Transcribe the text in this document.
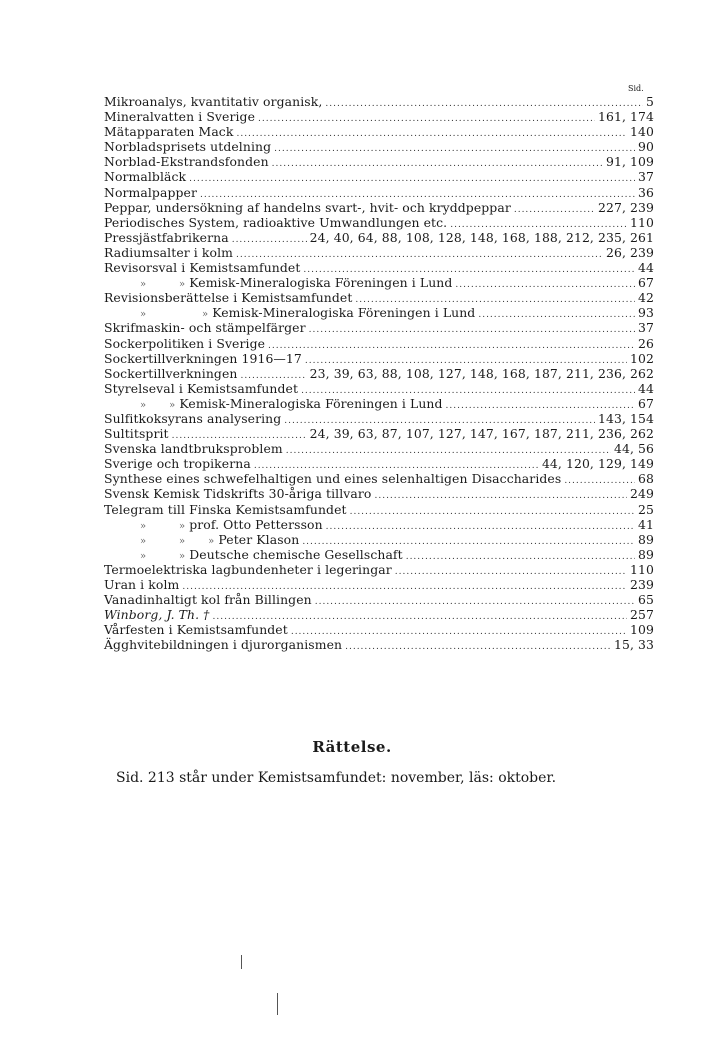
Sid.
Mikroanalys, kvantitativ organisk, .....	5
Mineralvatten i Sverige .....	161, 174
Mätapparaten Mack .....	140
Norbladsprisets utdelning .....	90
Norblad-Ekstrandsfonden .....	91, 109
Normalbläck .....	37
Normalpapper .....	36
Peppar, undersökning af handelns svart-, hvit- och kryddpeppar .....	227, 239
Periodisches System, radioaktive Umwandlungen etc. .....	110
Pressjästfabrikerna .....	24, 40, 64, 88, 108, 128, 148, 168, 188, 212, 235, 261
Radiumsalter i kolm .....	26, 239
Revisorsval i Kemistsamfundet .....	44
»          » Kemisk-Mineralogiska Föreningen i Lund .....	67
Revisionsberättelse i Kemistsamfundet .....	42
»                 » Kemisk-Mineralogiska Föreningen i Lund .....	93
Skrifmaskin- och stämpelfärger .....	37
Sockerpolitiken i Sverige .....	26
Sockertillverkningen 1916—17 .....	102
Sockertillverkningen .....	23, 39, 63, 88, 108, 127, 148, 168, 187, 211, 236, 262
Styrelseval i Kemistsamfundet .....	44
»       » Kemisk-Mineralogiska Föreningen i Lund .....	67
Sulfitkoksyrans analysering .....	143, 154
Sultitsprit .....	24, 39, 63, 87, 107, 127, 147, 167, 187, 211, 236, 262
Svenska landtbruksproblem .....	44, 56
Sverige och tropikerna .....	44, 120, 129, 149
Synthese eines schwefelhaltigen und eines selenhaltigen Disaccharides .....	68
Svensk Kemisk Tidskrifts 30-åriga tillvaro .....	249
Telegram till Finska Kemistsamfundet .....	25
»          » prof. Otto Pettersson .....	41
»          »       » Peter Klason .....	89
»          » Deutsche chemische Gesellschaft .....	89
Termoelektriska lagbundenheter i legeringar .....	110
Uran i kolm .....	239
Vanadinhaltigt kol från Billingen .....	65
Winborg, J. Th. † .....	257
Vårfesten i Kemistsamfundet .....	109
Ägghvitebildningen i djurorganismen .....	15, 33
Rättelse.
Sid. 213 står under Kemistsamfundet: november, läs: oktober.
